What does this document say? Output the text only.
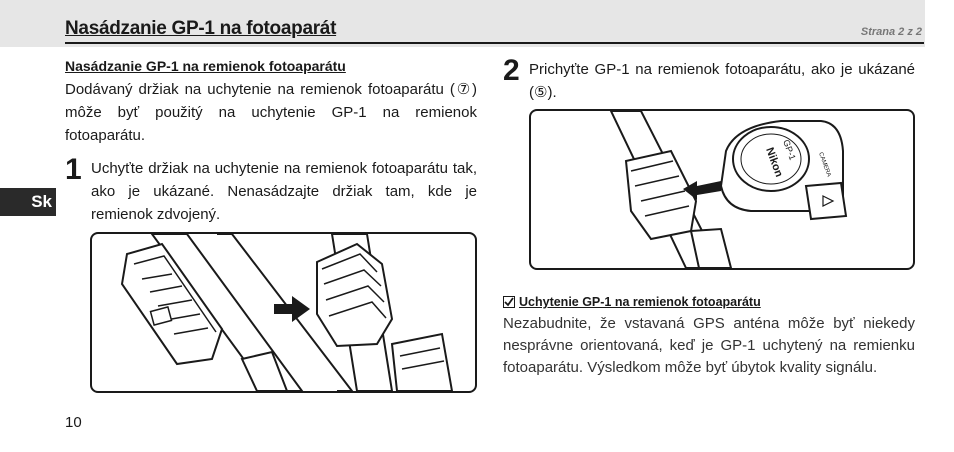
Nasádzanie GP-1 na fotoaparát	Strana 2 z 2
Sk
Nasádzanie GP-1 na remienok fotoaparátu

Dodávaný držiak na uchytenie na remienok fotoaparátu (⑦) môže byť použitý na uchytenie GP-1 na remienok fotoaparátu.

1 Uchyťte držiak na uchytenie na remienok fotoaparátu tak, ako je ukázané. Nenasádzajte držiak tam, kde je remienok zdvojený.

2 Prichyťte GP-1 na remienok fotoaparátu, ako je ukázané (⑤).

Nikon
GP-1
CAMERA
Uchytenie GP-1 na remienok fotoaparátu

Nezabudnite, že vstavaná GPS anténa môže byť niekedy nesprávne orientovaná, keď je GP-1 uchytený na remienku fotoaparátu. Výsledkom môže byť úbytok kvality signálu.

10
